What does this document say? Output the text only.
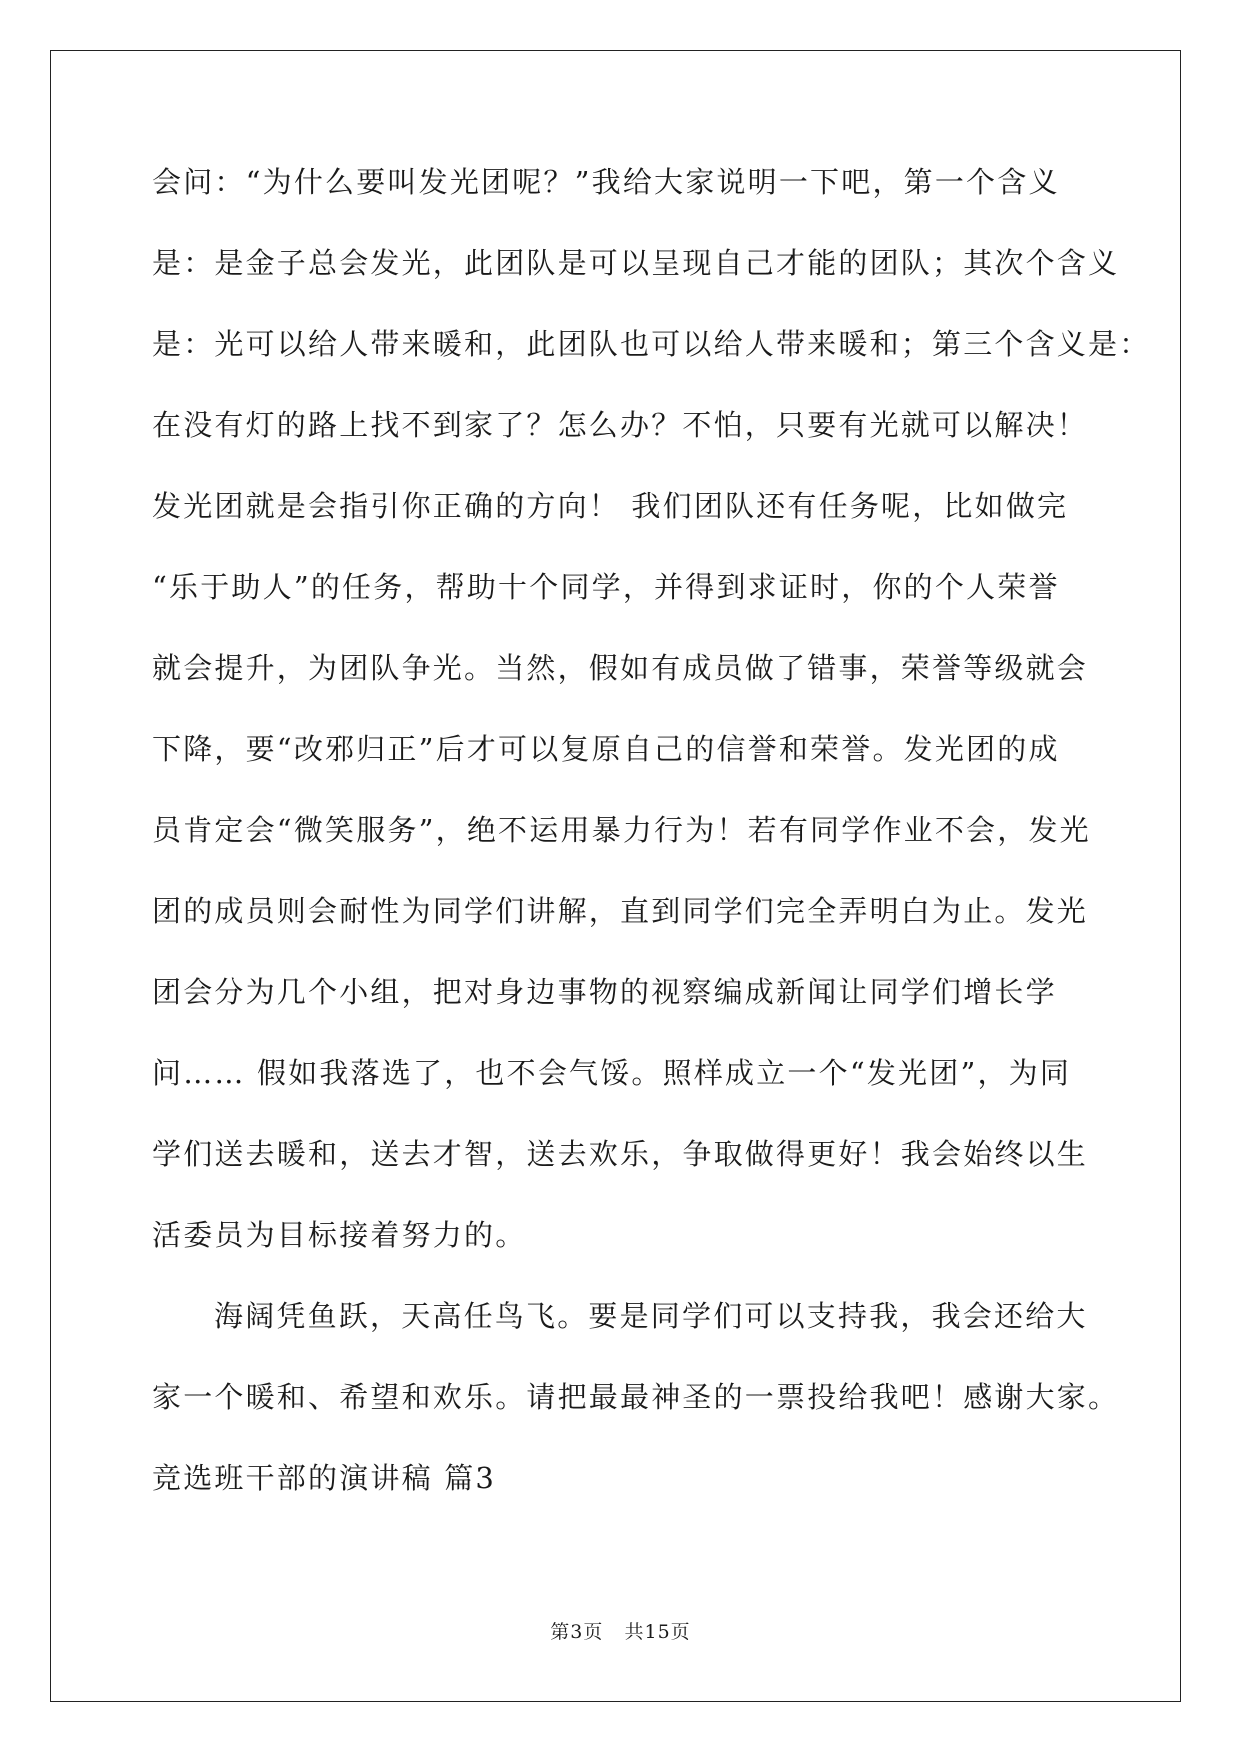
会问：“为什么要叫发光团呢？”我给大家说明一下吧，第一个含义
是：是金子总会发光，此团队是可以呈现自己才能的团队；其次个含义
是：光可以给人带来暖和，此团队也可以给人带来暖和；第三个含义是：
在没有灯的路上找不到家了？怎么办？不怕，只要有光就可以解决！
发光团就是会指引你正确的方向！ 我们团队还有任务呢，比如做完
“乐于助人”的任务，帮助十个同学，并得到求证时，你的个人荣誉
就会提升，为团队争光。当然，假如有成员做了错事，荣誉等级就会
下降，要“改邪归正”后才可以复原自己的信誉和荣誉。发光团的成
员肯定会“微笑服务”，绝不运用暴力行为！若有同学作业不会，发光
团的成员则会耐性为同学们讲解，直到同学们完全弄明白为止。发光
团会分为几个小组，把对身边事物的视察编成新闻让同学们增长学
问…… 假如我落选了，也不会气馁。照样成立一个“发光团”，为同
学们送去暖和，送去才智，送去欢乐，争取做得更好！我会始终以生
活委员为目标接着努力的。
海阔凭鱼跃，天高任鸟飞。要是同学们可以支持我，我会还给大
家一个暖和、希望和欢乐。请把最最神圣的一票投给我吧！感谢大家。
竞选班干部的演讲稿 篇3
第3页   共15页
